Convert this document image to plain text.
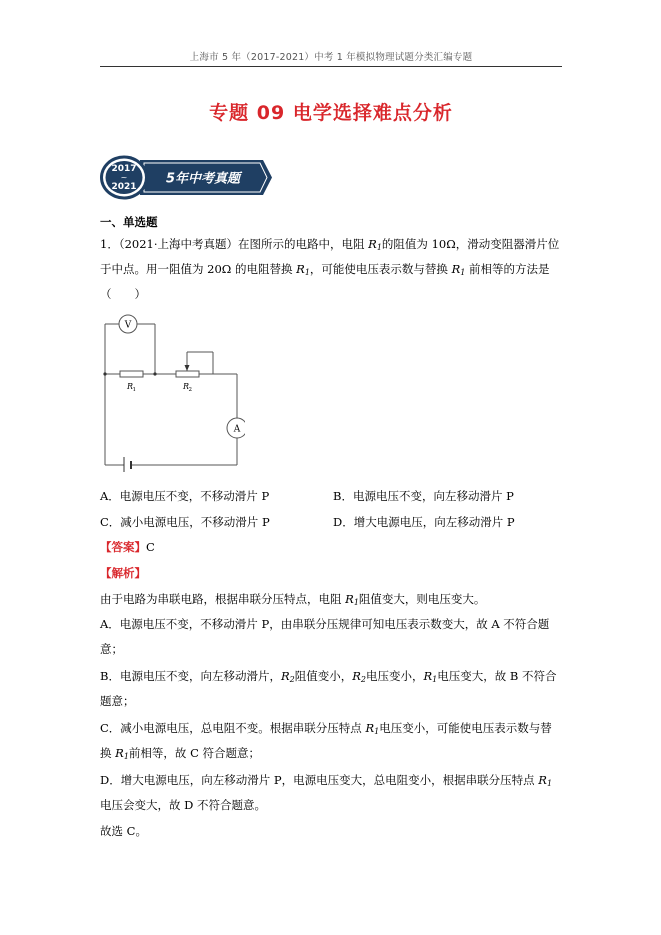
上海市 5 年（2017-2021）中考 1 年模拟物理试题分类汇编专题
专题 09 电学选择难点分析
2017
~
2021
5年中考真题
一、单选题
1．（2021·上海中考真题）在图所示的电路中，电阻 $R_1$的阻值为 10Ω，滑动变阻器滑片位
于中点。用一阻值为 20Ω 的电阻替换 $R_1$，可能使电压表示数与替换 $R_1$ 前相等的方法是
（　　）
V
A
R 1	R 2
A．电源电压不变，不移动滑片 P	B．电源电压不变，向左移动滑片 P
C．减小电源电压，不移动滑片 P	D．增大电源电压，向左移动滑片 P
【答案】C
【解析】
由于电路为串联电路，根据串联分压特点，电阻 $R_1$阻值变大，则电压变大。
A．电源电压不变，不移动滑片 P，由串联分压规律可知电压表示数变大，故 A 不符合题
意；
B．电源电压不变，向左移动滑片，$R_2$阻值变小，$R_2$电压变小，$R_1$电压变大，故 B 不符合
题意；
C．减小电源电压，总电阻不变。根据串联分压特点 $R_1$电压变小，可能使电压表示数与替
换 $R_1$前相等，故 C 符合题意；
D．增大电源电压，向左移动滑片 P，电源电压变大，总电阻变小，根据串联分压特点 $R_1$
电压会变大，故 D 不符合题意。
故选 C。
